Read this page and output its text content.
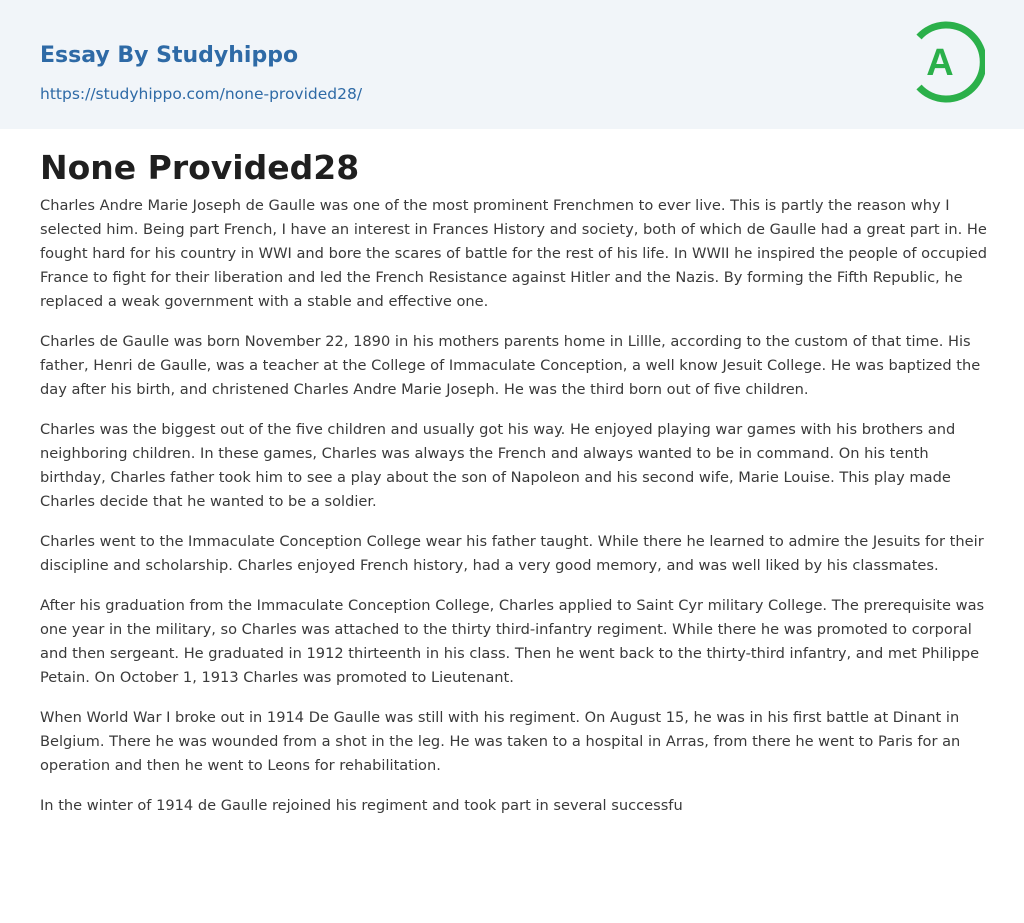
Essay By Studyhippo
https://studyhippo.com/none-provided28/
A
None Provided28

Charles Andre Marie Joseph de Gaulle was one of the most prominent Frenchmen to ever live. This is partly the reason why I selected him. Being part French, I have an interest in Frances History and society, both of which de Gaulle had a great part in. He fought hard for his country in WWI and bore the scares of battle for the rest of his life. In WWII he inspired the people of occupied France to fight for their liberation and led the French Resistance against Hitler and the Nazis. By forming the Fifth Republic, he replaced a weak government with a stable and effective one.

Charles de Gaulle was born November 22, 1890 in his mothers parents home in Lillle, according to the custom of that time. His father, Henri de Gaulle, was a teacher at the College of Immaculate Conception, a well know Jesuit College. He was baptized the day after his birth, and christened Charles Andre Marie Joseph. He was the third born out of five children.

Charles was the biggest out of the five children and usually got his way. He enjoyed playing war games with his brothers and neighboring children. In these games, Charles was always the French and always wanted to be in command. On his tenth birthday, Charles father took him to see a play about the son of Napoleon and his second wife, Marie Louise. This play made Charles decide that he wanted to be a soldier.

Charles went to the Immaculate Conception College wear his father taught. While there he learned to admire the Jesuits for their discipline and scholarship. Charles enjoyed French history, had a very good memory, and was well liked by his classmates.

After his graduation from the Immaculate Conception College, Charles applied to Saint Cyr military College. The prerequisite was one year in the military, so Charles was attached to the thirty third-infantry regiment. While there he was promoted to corporal and then sergeant. He graduated in 1912 thirteenth in his class. Then he went back to the thirty-third infantry, and met Philippe Petain. On October 1, 1913 Charles was promoted to Lieutenant.

When World War I broke out in 1914 De Gaulle was still with his regiment. On August 15, he was in his first battle at Dinant in Belgium. There he was wounded from a shot in the leg. He was taken to a hospital in Arras, from there he went to Paris for an operation and then he went to Leons for rehabilitation.

In the winter of 1914 de Gaulle rejoined his regiment and took part in several successfu
